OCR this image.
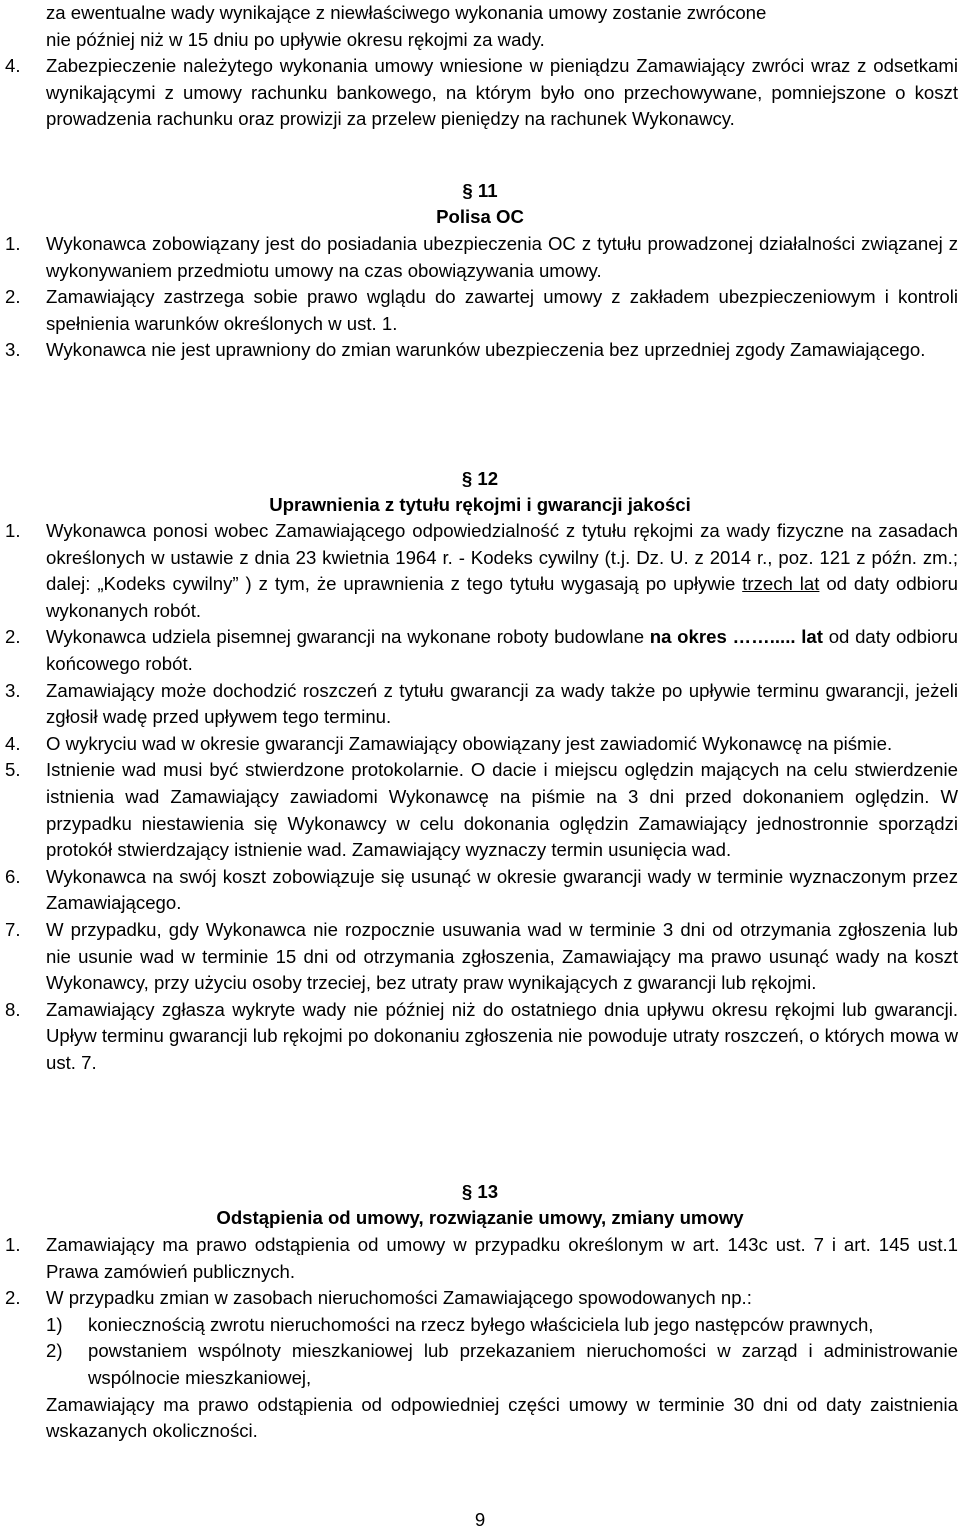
za ewentualne wady wynikające z niewłaściwego wykonania umowy zostanie zwrócone
nie później niż w 15 dniu po upływie okresu rękojmi za wady.
4. Zabezpieczenie należytego wykonania umowy wniesione w pieniądzu Zamawiający zwróci wraz z odsetkami wynikającymi z umowy rachunku bankowego, na którym było ono przechowywane, pomniejszone o koszt prowadzenia rachunku oraz prowizji za przelew pieniędzy na rachunek Wykonawcy.
§ 11
Polisa OC
1. Wykonawca zobowiązany jest do posiadania ubezpieczenia OC z tytułu prowadzonej działalności związanej z wykonywaniem przedmiotu umowy na czas obowiązywania umowy.
2. Zamawiający zastrzega sobie prawo wglądu do zawartej umowy z zakładem ubezpieczeniowym i kontroli spełnienia warunków określonych w ust. 1.
3. Wykonawca nie jest uprawniony do zmian warunków ubezpieczenia bez uprzedniej zgody Zamawiającego.
§ 12
Uprawnienia z tytułu rękojmi i gwarancji jakości
1. Wykonawca ponosi wobec Zamawiającego odpowiedzialność z tytułu rękojmi za wady fizyczne na zasadach określonych w ustawie z dnia 23 kwietnia 1964 r. - Kodeks cywilny (t.j. Dz. U. z 2014 r., poz. 121 z późn. zm.; dalej: „Kodeks cywilny” ) z tym, że uprawnienia z tego tytułu wygasają po upływie trzech lat od daty odbioru wykonanych robót.
2. Wykonawca udziela pisemnej gwarancji na wykonane roboty budowlane na okres ……..... lat od daty odbioru końcowego robót.
3. Zamawiający może dochodzić roszczeń z tytułu gwarancji za wady także po upływie terminu gwarancji, jeżeli zgłosił wadę przed upływem tego terminu.
4. O wykryciu wad w okresie gwarancji Zamawiający obowiązany jest zawiadomić Wykonawcę na piśmie.
5. Istnienie wad musi być stwierdzone protokolarnie. O dacie i miejscu oględzin mających na celu stwierdzenie istnienia wad Zamawiający zawiadomi Wykonawcę na piśmie na 3 dni przed dokonaniem oględzin. W przypadku niestawienia się Wykonawcy w celu dokonania oględzin Zamawiający jednostronnie sporządzi protokół stwierdzający istnienie wad. Zamawiający wyznaczy termin usunięcia wad.
6. Wykonawca na swój koszt zobowiązuje się usunąć w okresie gwarancji wady w terminie wyznaczonym przez Zamawiającego.
7. W przypadku, gdy Wykonawca nie rozpocznie usuwania wad w terminie 3 dni od otrzymania zgłoszenia lub nie usunie wad w terminie 15 dni od otrzymania zgłoszenia, Zamawiający ma prawo usunąć wady na koszt Wykonawcy, przy użyciu osoby trzeciej, bez utraty praw wynikających z gwarancji lub rękojmi.
8. Zamawiający zgłasza wykryte wady nie później niż do ostatniego dnia upływu okresu rękojmi lub gwarancji. Upływ terminu gwarancji lub rękojmi po dokonaniu zgłoszenia nie powoduje utraty roszczeń, o których mowa w ust. 7.
§ 13
Odstąpienia od umowy, rozwiązanie umowy, zmiany umowy
1. Zamawiający ma prawo odstąpienia od umowy w przypadku określonym w art. 143c ust. 7 i art. 145 ust.1 Prawa zamówień publicznych.
2. W przypadku zmian w zasobach nieruchomości Zamawiającego spowodowanych np.:
1) koniecznością zwrotu nieruchomości na rzecz byłego właściciela lub jego następców prawnych,
2) powstaniem wspólnoty mieszkaniowej lub przekazaniem nieruchomości w zarząd i administrowanie wspólnocie mieszkaniowej,
Zamawiający ma prawo odstąpienia od odpowiedniej części umowy w terminie 30 dni od daty zaistnienia wskazanych okoliczności.
9
